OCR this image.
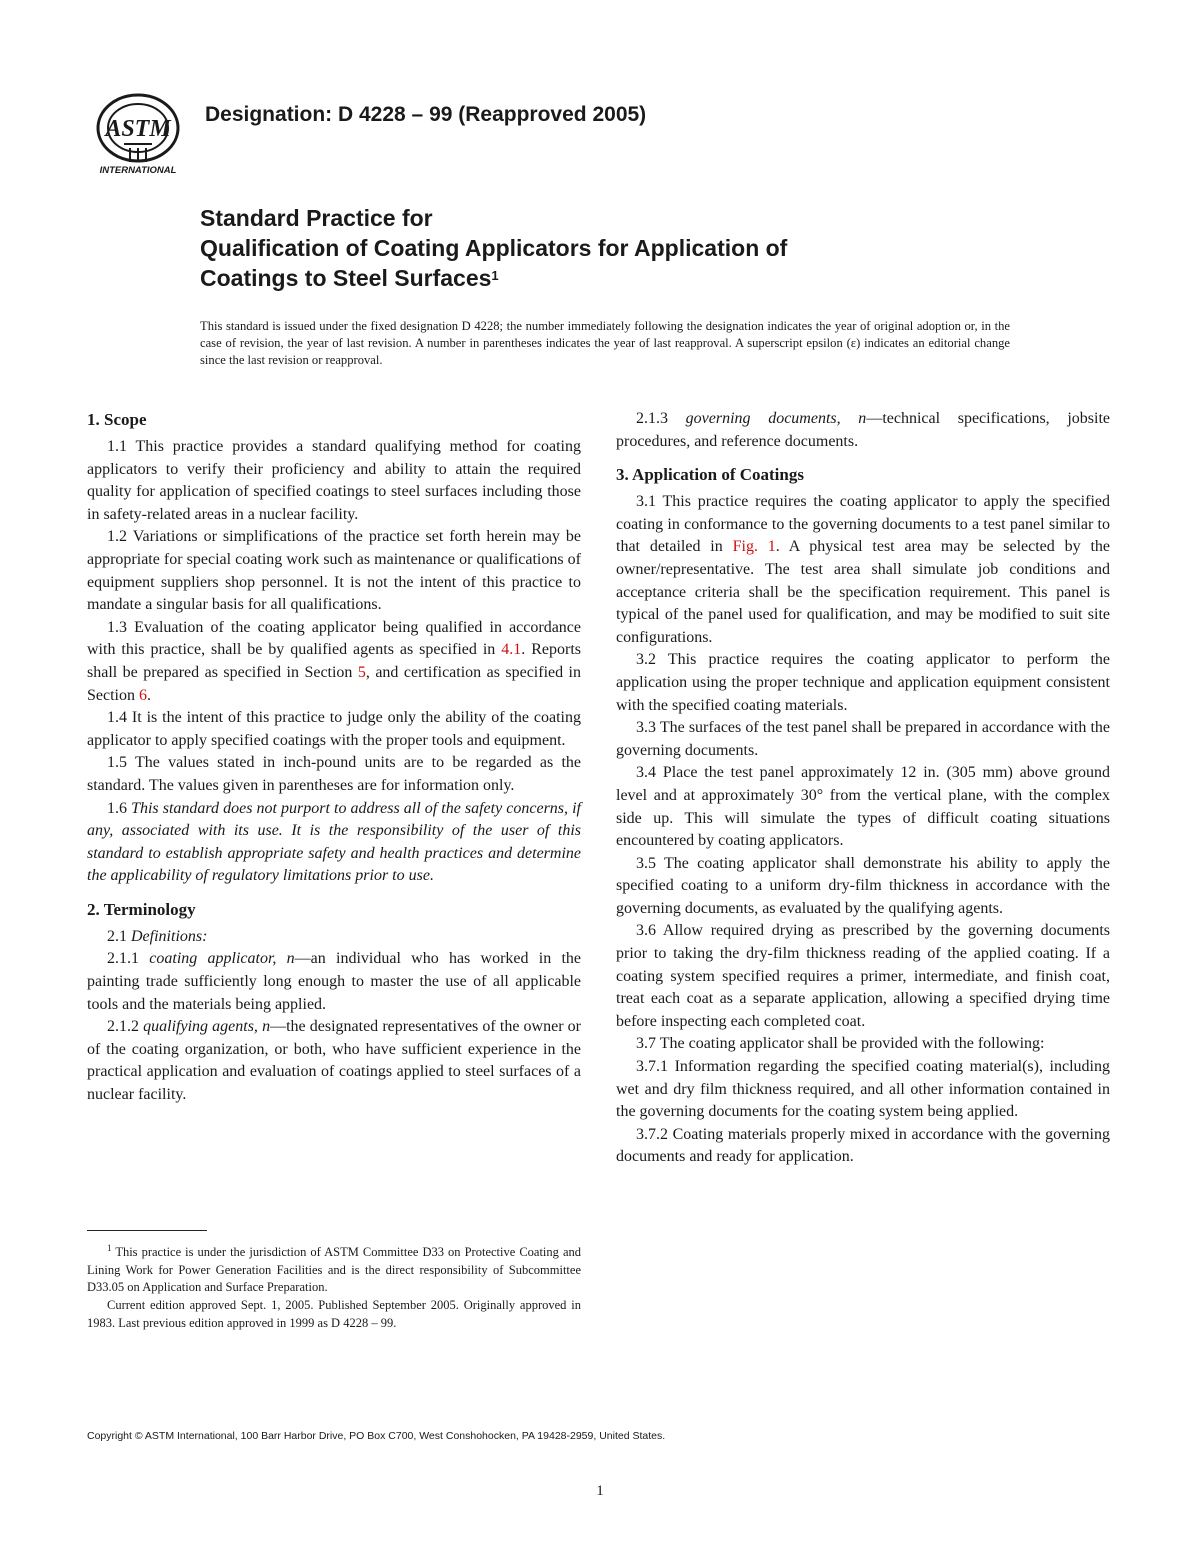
ASTM
INTERNATIONAL
Designation: D 4228 – 99 (Reapproved 2005)

Standard Practice for

Qualification of Coating Applicators for Application of

Coatings to Steel Surfaces$^1$

This standard is issued under the fixed designation D 4228; the number immediately following the designation indicates the year of original adoption or, in the case of revision, the year of last revision. A number in parentheses indicates the year of last reapproval. A superscript epsilon (ε) indicates an editorial change since the last revision or reapproval.
1. Scope

1.1 This practice provides a standard qualifying method for coating applicators to verify their proficiency and ability to attain the required quality for application of specified coatings to steel surfaces including those in safety-related areas in a nuclear facility.

1.2 Variations or simplifications of the practice set forth herein may be appropriate for special coating work such as maintenance or qualifications of equipment suppliers shop personnel. It is not the intent of this practice to mandate a singular basis for all qualifications.

1.3 Evaluation of the coating applicator being qualified in accordance with this practice, shall be by qualified agents as specified in 4.1. Reports shall be prepared as specified in Section 5, and certification as specified in Section 6.

1.4 It is the intent of this practice to judge only the ability of the coating applicator to apply specified coatings with the proper tools and equipment.

1.5 The values stated in inch-pound units are to be regarded as the standard. The values given in parentheses are for information only.

1.6 This standard does not purport to address all of the safety concerns, if any, associated with its use. It is the responsibility of the user of this standard to establish appropriate safety and health practices and determine the applicability of regulatory limitations prior to use.

2. Terminology

2.1 Definitions:

2.1.1 coating applicator, n—an individual who has worked in the painting trade sufficiently long enough to master the use of all applicable tools and the materials being applied.

2.1.2 qualifying agents, n—the designated representatives of the owner or of the coating organization, or both, who have sufficient experience in the practical application and evaluation of coatings applied to steel surfaces of a nuclear facility.

2.1.3 governing documents, n—technical specifications, jobsite procedures, and reference documents.

3. Application of Coatings

3.1 This practice requires the coating applicator to apply the specified coating in conformance to the governing documents to a test panel similar to that detailed in Fig. 1. A physical test area may be selected by the owner/representative. The test area shall simulate job conditions and acceptance criteria shall be the specification requirement. This panel is typical of the panel used for qualification, and may be modified to suit site configurations.

3.2 This practice requires the coating applicator to perform the application using the proper technique and application equipment consistent with the specified coating materials.

3.3 The surfaces of the test panel shall be prepared in accordance with the governing documents.

3.4 Place the test panel approximately 12 in. (305 mm) above ground level and at approximately 30° from the vertical plane, with the complex side up. This will simulate the types of difficult coating situations encountered by coating applicators.

3.5 The coating applicator shall demonstrate his ability to apply the specified coating to a uniform dry-film thickness in accordance with the governing documents, as evaluated by the qualifying agents.

3.6 Allow required drying as prescribed by the governing documents prior to taking the dry-film thickness reading of the applied coating. If a coating system specified requires a primer, intermediate, and finish coat, treat each coat as a separate application, allowing a specified drying time before inspecting each completed coat.

3.7 The coating applicator shall be provided with the following:

3.7.1 Information regarding the specified coating material(s), including wet and dry film thickness required, and all other information contained in the governing documents for the coating system being applied.

3.7.2 Coating materials properly mixed in accordance with the governing documents and ready for application.

$^1$ This practice is under the jurisdiction of ASTM Committee D33 on Protective Coating and Lining Work for Power Generation Facilities and is the direct responsibility of Subcommittee D33.05 on Application and Surface Preparation.

Current edition approved Sept. 1, 2005. Published September 2005. Originally approved in 1983. Last previous edition approved in 1999 as D 4228 – 99.

Copyright © ASTM International, 100 Barr Harbor Drive, PO Box C700, West Conshohocken, PA 19428-2959, United States.
1
